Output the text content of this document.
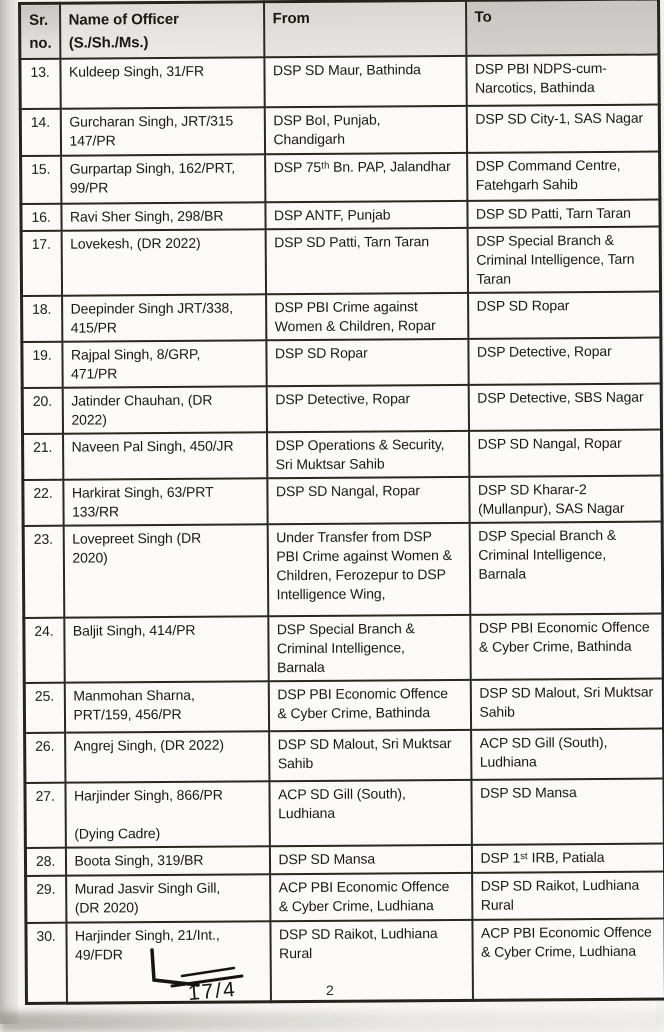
Sr.
no.	Name of Officer
(S./Sh./Ms.)	From	To
13.	Kuldeep Singh, 31/FR	DSP SD Maur, Bathinda	DSP PBI NDPS-cum-
Narcotics, Bathinda
14.	Gurcharan Singh, JRT/315
147/PR	DSP BoI, Punjab,
Chandigarh	DSP SD City-1, SAS Nagar
15.	Gurpartap Singh, 162/PRT,
99/PR	DSP 75ᵗʰ Bn. PAP, Jalandhar	DSP Command Centre,
Fatehgarh Sahib
16.	Ravi Sher Singh, 298/BR	DSP ANTF, Punjab	DSP SD Patti, Tarn Taran
17.	Lovekesh, (DR 2022)	DSP SD Patti, Tarn Taran	DSP Special Branch &
Criminal Intelligence, Tarn
Taran
18.	Deepinder Singh JRT/338,
415/PR	DSP PBI Crime against
Women & Children, Ropar	DSP SD Ropar
19.	Rajpal Singh, 8/GRP,
471/PR	DSP SD Ropar	DSP Detective, Ropar
20.	Jatinder Chauhan, (DR
2022)	DSP Detective, Ropar	DSP Detective, SBS Nagar
21.	Naveen Pal Singh, 450/JR	DSP Operations & Security,
Sri Muktsar Sahib	DSP SD Nangal, Ropar
22.	Harkirat Singh, 63/PRT
133/RR	DSP SD Nangal, Ropar	DSP SD Kharar-2
(Mullanpur), SAS Nagar
23.	Lovepreet Singh (DR
2020)	Under Transfer from DSP
PBI Crime against Women &
Children, Ferozepur to DSP
Intelligence Wing,	DSP Special Branch &
Criminal Intelligence,
Barnala
24.	Baljit Singh, 414/PR	DSP Special Branch &
Criminal Intelligence,
Barnala	DSP PBI Economic Offence
& Cyber Crime, Bathinda
25.	Manmohan Sharna,
PRT/159, 456/PR	DSP PBI Economic Offence
& Cyber Crime, Bathinda	DSP SD Malout, Sri Muktsar
Sahib
26.	Angrej Singh, (DR 2022)	DSP SD Malout, Sri Muktsar
Sahib	ACP SD Gill (South),
Ludhiana
27.	Harjinder Singh, 866/PR

(Dying Cadre)	ACP SD Gill (South),
Ludhiana	DSP SD Mansa
28.	Boota Singh, 319/BR	DSP SD Mansa	DSP 1ˢᵗ IRB, Patiala
29.	Murad Jasvir Singh Gill,
(DR 2020)	ACP PBI Economic Offence
& Cyber Crime, Ludhiana	DSP SD Raikot, Ludhiana
Rural
30.	Harjinder Singh, 21/Int.,
49/FDR	DSP SD Raikot, Ludhiana
Rural	ACP PBI Economic Offence
& Cyber Crime, Ludhiana
17/4	2
